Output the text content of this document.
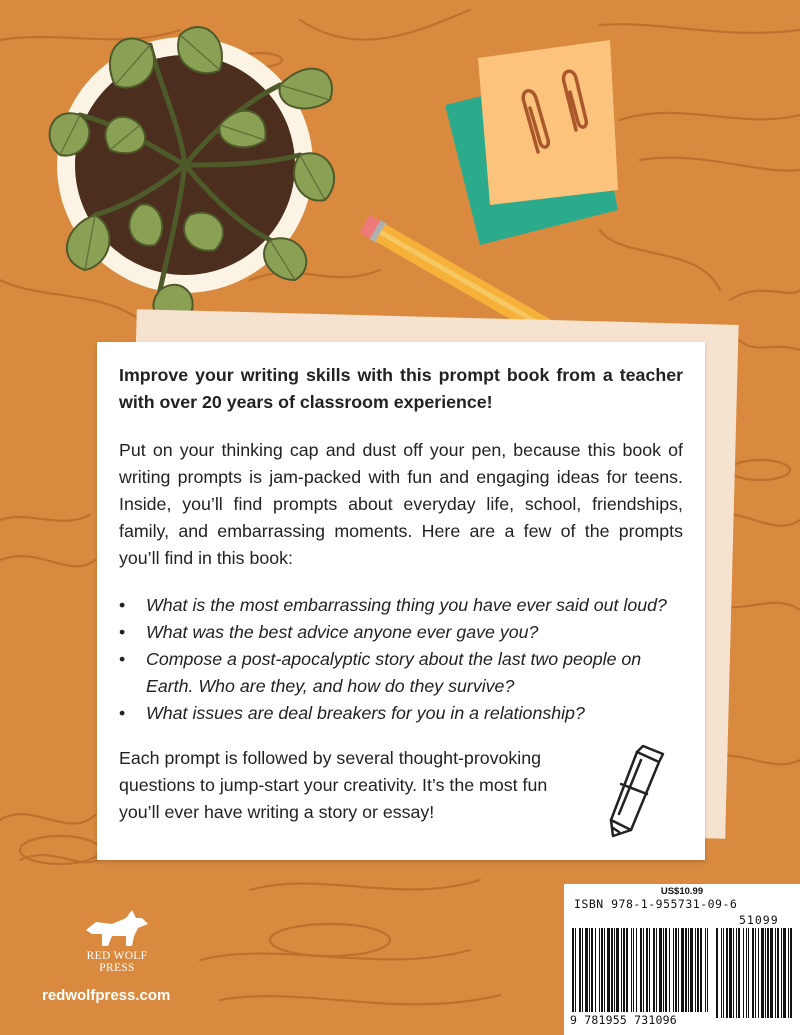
Improve your writing skills with this prompt book from a teacher with over 20 years of classroom experience!

Put on your thinking cap and dust off your pen, because this book of writing prompts is jam-packed with fun and engaging ideas for teens. Inside, you’ll find prompts about everyday life, school, friendships, family, and embarrassing moments. Here are a few of the prompts you’ll find in this book:

• What is the most embarrassing thing you have ever said out loud?
• What was the best advice anyone ever gave you?
• Compose a post-apocalyptic story about the last two people on Earth. Who are they, and how do they survive?
• What issues are deal breakers for you in a relationship?

Each prompt is followed by several thought-provoking questions to jump-start your creativity. It’s the most fun you’ll ever have writing a story or essay!

RED WOLF
PRESS
redwolfpress.com
US$10.99
ISBN 978-1-955731-09-6
51099
9 781955 731096
